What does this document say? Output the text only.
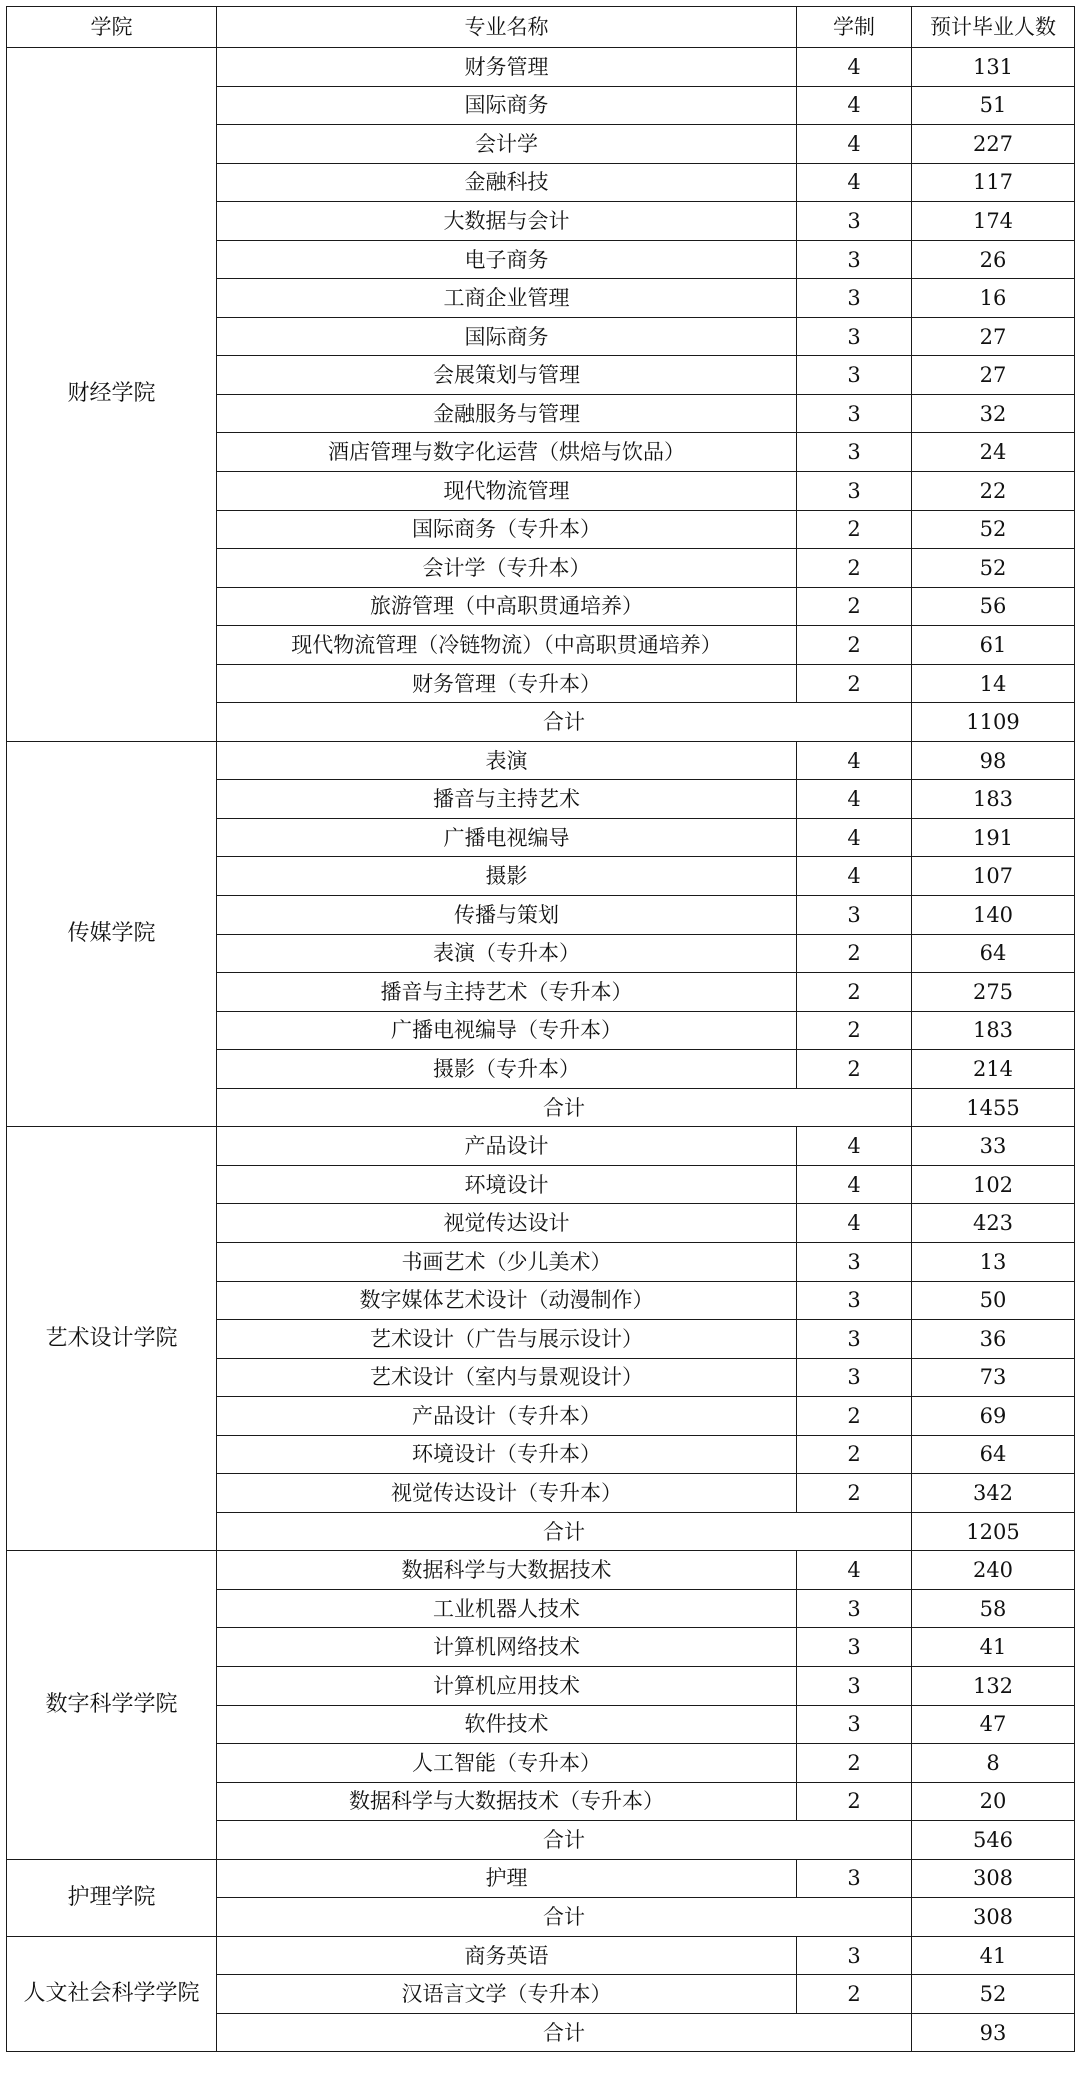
学院	专业名称	学制	预计毕业人数
财经学院	财务管理	4	131
	国际商务	4	51
	会计学	4	227
	金融科技	4	117
	大数据与会计	3	174
	电子商务	3	26
	工商企业管理	3	16
	国际商务	3	27
	会展策划与管理	3	27
	金融服务与管理	3	32
	酒店管理与数字化运营（烘焙与饮品）	3	24
	现代物流管理	3	22
	国际商务（专升本）	2	52
	会计学（专升本）	2	52
	旅游管理（中高职贯通培养）	2	56
	现代物流管理（冷链物流）（中高职贯通培养）	2	61
	财务管理（专升本）	2	14
	合计		1109
传媒学院	表演	4	98
	播音与主持艺术	4	183
	广播电视编导	4	191
	摄影	4	107
	传播与策划	3	140
	表演（专升本）	2	64
	播音与主持艺术（专升本）	2	275
	广播电视编导（专升本）	2	183
	摄影（专升本）	2	214
	合计		1455
艺术设计学院	产品设计	4	33
	环境设计	4	102
	视觉传达设计	4	423
	书画艺术（少儿美术）	3	13
	数字媒体艺术设计（动漫制作）	3	50
	艺术设计（广告与展示设计）	3	36
	艺术设计（室内与景观设计）	3	73
	产品设计（专升本）	2	69
	环境设计（专升本）	2	64
	视觉传达设计（专升本）	2	342
	合计		1205
数字科学学院	数据科学与大数据技术	4	240
	工业机器人技术	3	58
	计算机网络技术	3	41
	计算机应用技术	3	132
	软件技术	3	47
	人工智能（专升本）	2	8
	数据科学与大数据技术（专升本）	2	20
	合计		546
护理学院	护理	3	308
	合计		308
人文社会科学学院	商务英语	3	41
	汉语言文学（专升本）	2	52
	合计		93
